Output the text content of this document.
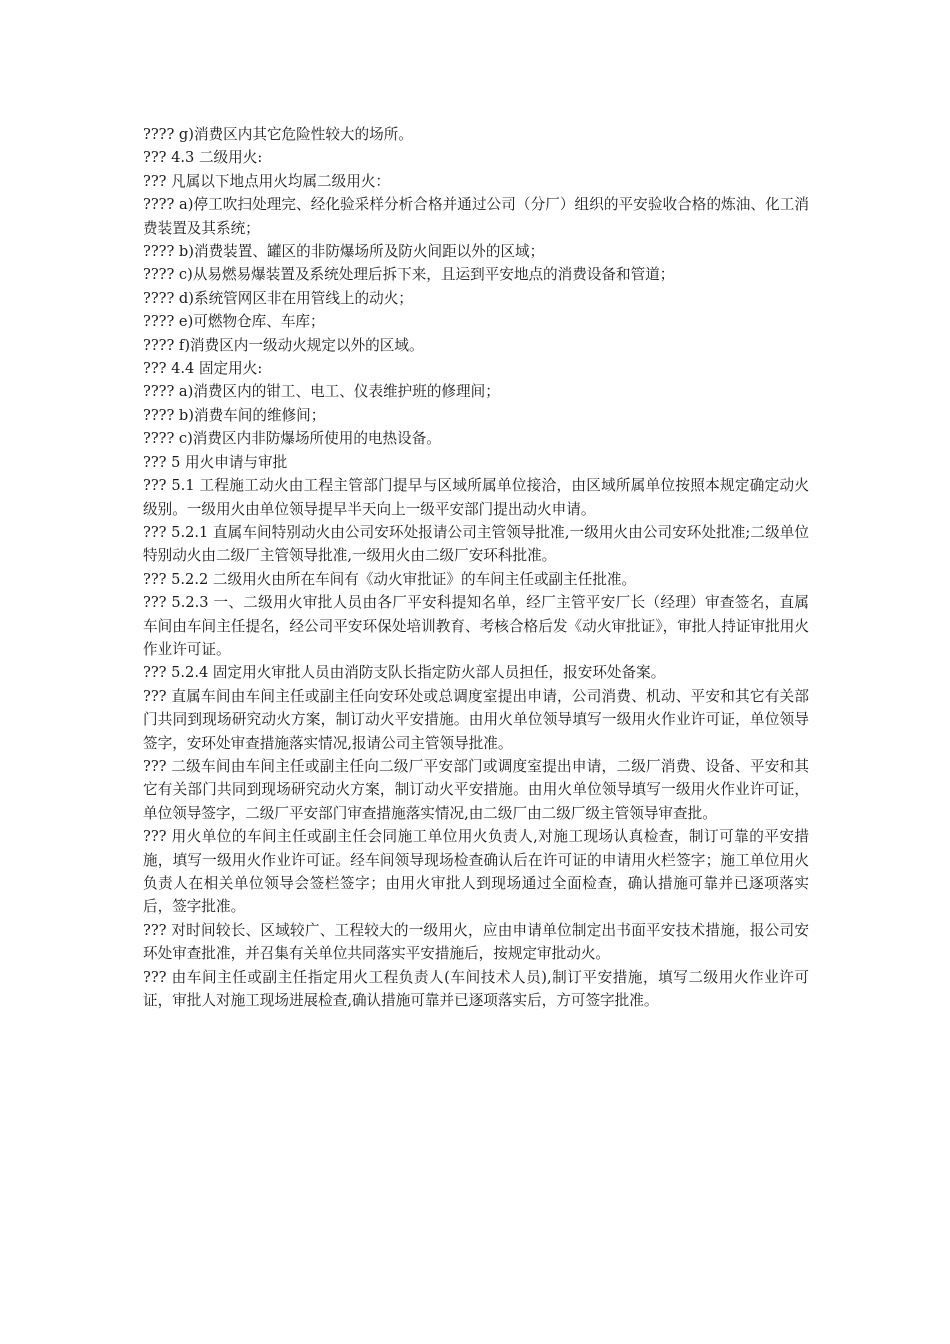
???? g)消费区内其它危险性较大的场所。

??? 4.3 二级用火:

??? 凡属以下地点用火均属二级用火：

???? a)停工吹扫处理完、经化验采样分析合格并通过公司（分厂）组织的平安验收合格的炼油、化工消费装置及其系统；

???? b)消费装置、罐区的非防爆场所及防火间距以外的区域；

???? c)从易燃易爆装置及系统处理后拆下来，且运到平安地点的消费设备和管道；

???? d)系统管网区非在用管线上的动火；

???? e)可燃物仓库、车库；

???? f)消费区内一级动火规定以外的区域。

??? 4.4 固定用火:

???? a)消费区内的钳工、电工、仪表维护班的修理间；

???? b)消费车间的维修间；

???? c)消费区内非防爆场所使用的电热设备。

??? 5 用火申请与审批

??? 5.1 工程施工动火由工程主管部门提早与区域所属单位接洽，由区域所属单位按照本规定确定动火级别。一级用火由单位领导提早半天向上一级平安部门提出动火申请。

??? 5.2.1 直属车间特别动火由公司安环处报请公司主管领导批准,一级用火由公司安环处批准;二级单位特别动火由二级厂主管领导批准,一级用火由二级厂安环科批准。

??? 5.2.2 二级用火由所在车间有《动火审批证》的车间主任或副主任批准。

??? 5.2.3 一、二级用火审批人员由各厂平安科提知名单，经厂主管平安厂长（经理）审查签名，直属车间由车间主任提名，经公司平安环保处培训教育、考核合格后发《动火审批证》，审批人持证审批用火作业许可证。

??? 5.2.4 固定用火审批人员由消防支队长指定防火部人员担任，报安环处备案。

??? 直属车间由车间主任或副主任向安环处或总调度室提出申请，公司消费、机动、平安和其它有关部门共同到现场研究动火方案，制订动火平安措施。由用火单位领导填写一级用火作业许可证，单位领导签字，安环处审查措施落实情况,报请公司主管领导批准。

??? 二级车间由车间主任或副主任向二级厂平安部门或调度室提出申请，二级厂消费、设备、平安和其它有关部门共同到现场研究动火方案，制订动火平安措施。由用火单位领导填写一级用火作业许可证，单位领导签字，二级厂平安部门审查措施落实情况,由二级厂由二级厂级主管领导审查批。

??? 用火单位的车间主任或副主任会同施工单位用火负责人,对施工现场认真检查，制订可靠的平安措施，填写一级用火作业许可证。经车间领导现场检查确认后在许可证的申请用火栏签字；施工单位用火负责人在相关单位领导会签栏签字；由用火审批人到现场通过全面检查，确认措施可靠并已逐项落实后，签字批准。

??? 对时间较长、区域较广、工程较大的一级用火，应由申请单位制定出书面平安技术措施，报公司安环处审查批准，并召集有关单位共同落实平安措施后，按规定审批动火。

??? 由车间主任或副主任指定用火工程负责人(车间技术人员),制订平安措施，填写二级用火作业许可证，审批人对施工现场进展检查,确认措施可靠并已逐项落实后，方可签字批准。
